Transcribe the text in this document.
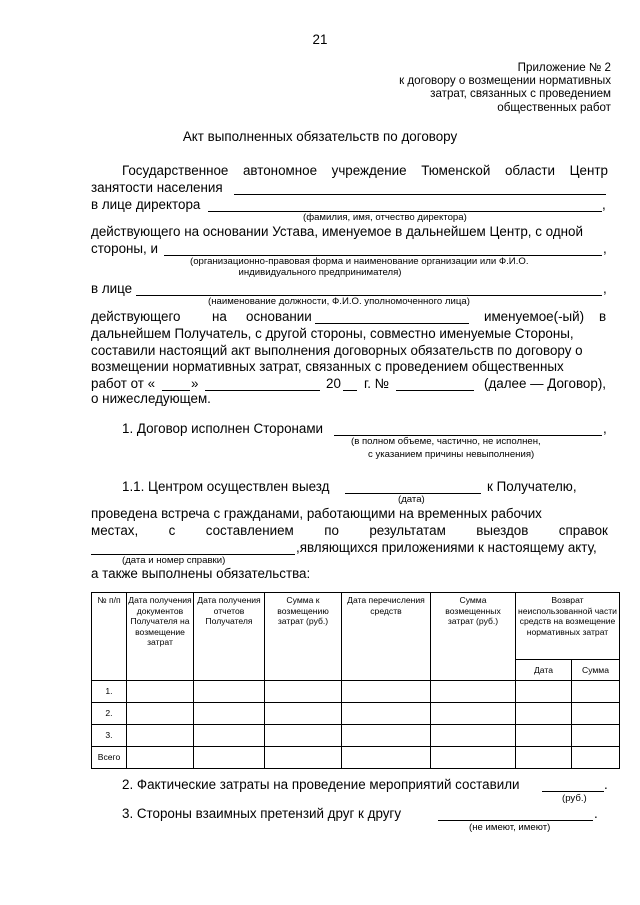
21
Приложение № 2
к договору о возмещении нормативных
затрат, связанных с проведением
общественных работ
Акт выполненных обязательств по договору
Государственное автономное учреждение Тюменской области Центр
занятости населения
в лице директора	,
(фамилия, имя, отчество директора)
действующего на основании Устава, именуемое в дальнейшем Центр, с одной
стороны, и	,
(организационно-правовая форма и наименование организации или Ф.И.О.
индивидуального предпринимателя)
в лице	,
(наименование должности, Ф.И.О. уполномоченного лица)
действующего на основании	именуемое(-ый) в
дальнейшем Получатель, с другой стороны, совместно именуемые Стороны,
составили настоящий акт выполнения договорных обязательств по договору о
возмещении нормативных затрат, связанных с проведением общественных
работ от «	»	20 г. №	(далее — Договор),
о нижеследующем.
1. Договор исполнен Сторонами	,
(в полном объеме, частично, не исполнен,
с указанием причины невыполнения)
1.1. Центром осуществлен выезд	к Получателю,
(дата)
проведена встреча с гражданами, работающими на временных рабочих
местах, с составлением по результатам выездов справок
,являющихся приложениями к настоящему акту,
(дата и номер справки)
а также выполнены обязательства:
№ п/п	Дата получения документов Получателя на возмещение затрат	Дата получения отчетов Получателя	Сумма к возмещению затрат (руб.)	Дата перечисления средств	Сумма возмещенных затрат (руб.)	Возврат неиспользованной части средств на возмещение нормативных затрат	
						Дата	Сумма
1.							
2.							
3.							
Всего							
2. Фактические затраты на проведение мероприятий составили	.
(руб.)
3. Стороны взаимных претензий друг к другу	.
(не имеют, имеют)
